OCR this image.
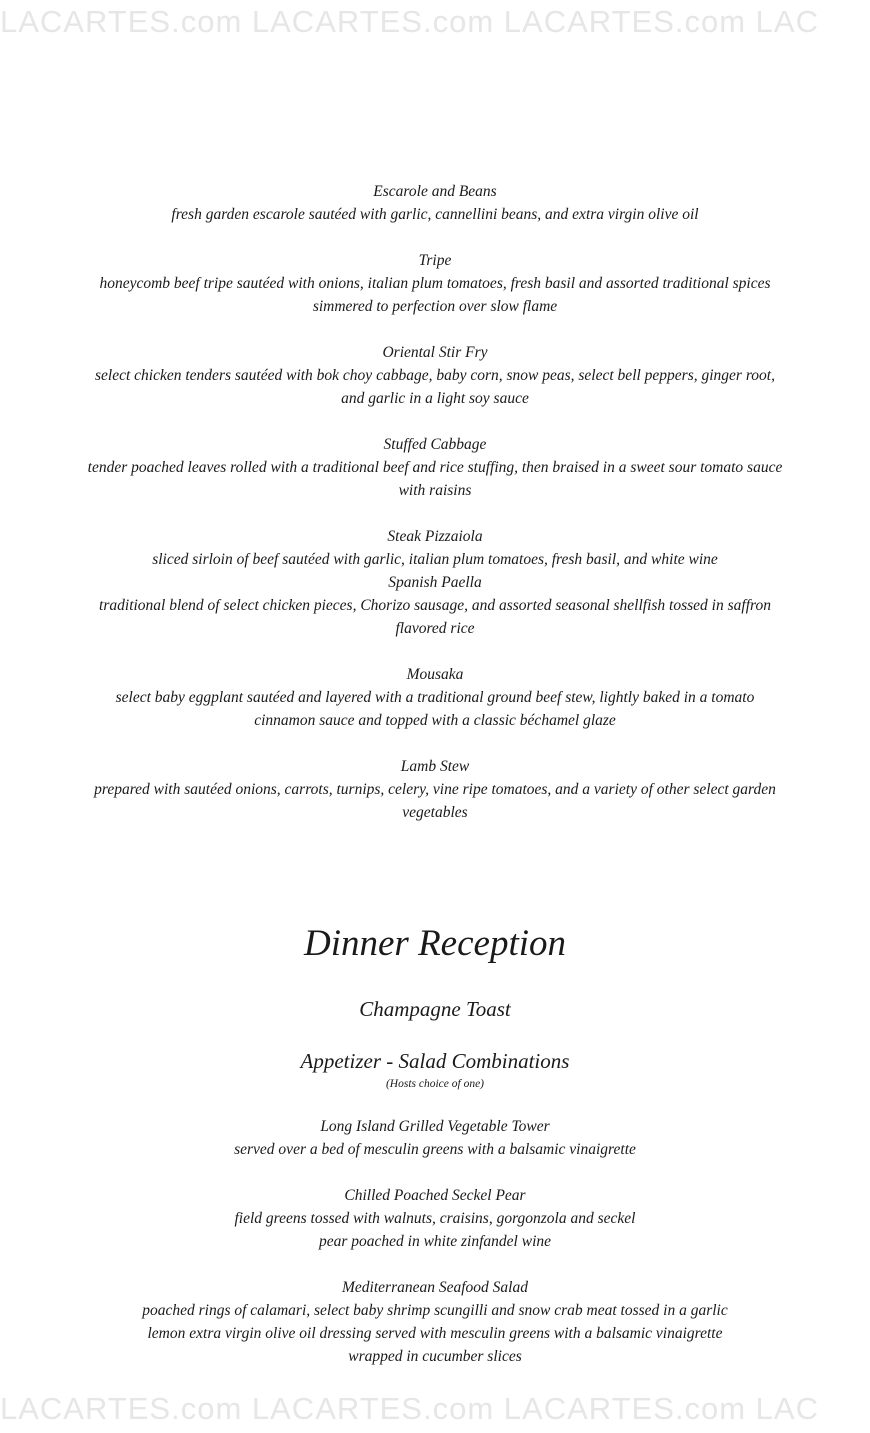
LACARTES.com LACARTES.com LACARTES.com LAC
Escarole and Beans
fresh garden escarole sautéed with garlic, cannellini beans, and extra virgin olive oil
Tripe
honeycomb beef tripe sautéed with onions, italian plum tomatoes, fresh basil and assorted traditional spices simmered to perfection over slow flame
Oriental Stir Fry
select chicken tenders sautéed with bok choy cabbage, baby corn, snow peas, select bell peppers, ginger root, and garlic in a light soy sauce
Stuffed Cabbage
tender poached leaves rolled with a traditional beef and rice stuffing, then braised in a sweet sour tomato sauce with raisins
Steak Pizzaiola
sliced sirloin of beef sautéed with garlic, italian plum tomatoes, fresh basil, and white wine
Spanish Paella
traditional blend of select chicken pieces, Chorizo sausage, and assorted seasonal shellfish tossed in saffron flavored rice
Mousaka
select baby eggplant sautéed and layered with a traditional ground beef stew, lightly baked in a tomato cinnamon sauce and topped with a classic béchamel glaze
Lamb Stew
prepared with sautéed onions, carrots, turnips, celery, vine ripe tomatoes, and a variety of other select garden vegetables
Dinner Reception
Champagne Toast
Appetizer - Salad Combinations
(Hosts choice of one)
Long Island Grilled Vegetable Tower
served over a bed of mesculin greens with a balsamic vinaigrette
Chilled Poached Seckel Pear
field greens tossed with walnuts, craisins, gorgonzola and seckel pear poached in white zinfandel wine
Mediterranean Seafood Salad
poached rings of calamari, select baby shrimp scungilli and snow crab meat tossed in a garlic lemon extra virgin olive oil dressing served with mesculin greens with a balsamic vinaigrette wrapped in cucumber slices
LACARTES.com LACARTES.com LACARTES.com LAC
